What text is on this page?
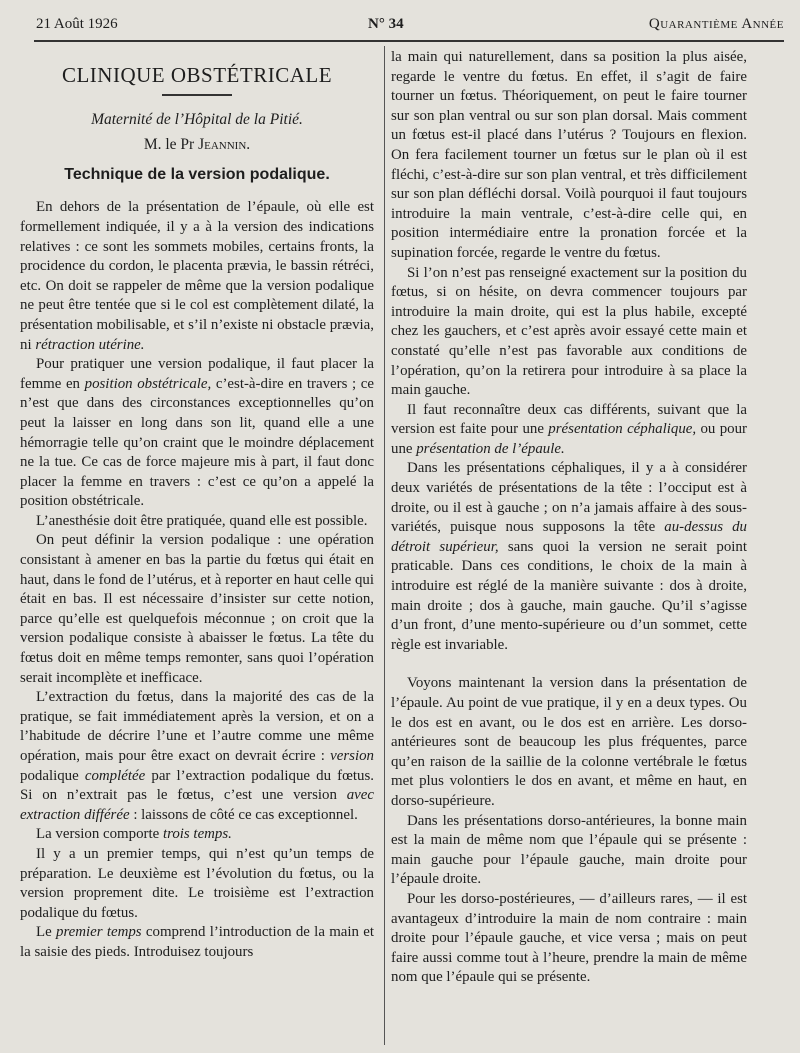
21 Août 1926	N° 34	Quarantième Année
CLINIQUE OBSTÉTRICALE
Maternité de l’Hôpital de la Pitié.
M. le Pr Jeannin.
Technique de la version podalique.

En dehors de la présentation de l’épaule, où elle est formellement indiquée, il y a à la version des indications relatives : ce sont les sommets mobiles, certains fronts, la procidence du cordon, le placenta prævia, le bassin rétréci, etc. On doit se rappeler de même que la version podalique ne peut être tentée que si le col est complètement dilaté, la présentation mobilisable, et s’il n’existe ni obstacle prævia, ni rétraction utérine.

Pour pratiquer une version podalique, il faut placer la femme en position obstétricale, c’est-à-dire en travers ; ce n’est que dans des circonstances exceptionnelles qu’on peut la laisser en long dans son lit, quand elle a une hémorragie telle qu’on craint que le moindre déplacement ne la tue. Ce cas de force majeure mis à part, il faut donc placer la femme en travers : c’est ce qu’on a appelé la position obstétricale.

L’anesthésie doit être pratiquée, quand elle est possible.

On peut définir la version podalique : une opération consistant à amener en bas la partie du fœtus qui était en haut, dans le fond de l’utérus, et à reporter en haut celle qui était en bas. Il est nécessaire d’insister sur cette notion, parce qu’elle est quelquefois méconnue ; on croit que la version podalique consiste à abaisser le fœtus. La tête du fœtus doit en même temps remonter, sans quoi l’opération serait incomplète et inefficace.

L’extraction du fœtus, dans la majorité des cas de la pratique, se fait immédiatement après la version, et on a l’habitude de décrire l’une et l’autre comme une même opération, mais pour être exact on devrait écrire : version podalique complétée par l’extraction podalique du fœtus. Si on n’extrait pas le fœtus, c’est une version avec extraction différée : laissons de côté ce cas exceptionnel.

La version comporte trois temps.

Il y a un premier temps, qui n’est qu’un temps de préparation. Le deuxième est l’évolution du fœtus, ou la version proprement dite. Le troisième est l’extraction podalique du fœtus.

Le premier temps comprend l’introduction de la main et la saisie des pieds. Introduisez toujours

la main qui naturellement, dans sa position la plus aisée, regarde le ventre du fœtus. En effet, il s’agit de faire tourner un fœtus. Théoriquement, on peut le faire tourner sur son plan ventral ou sur son plan dorsal. Mais comment un fœtus est-il placé dans l’utérus ? Toujours en flexion. On fera facilement tourner un fœtus sur le plan où il est fléchi, c’est-à-dire sur son plan ventral, et très difficilement sur son plan défléchi dorsal. Voilà pourquoi il faut toujours introduire la main ventrale, c’est-à-dire celle qui, en position intermédiaire entre la pronation forcée et la supination forcée, regarde le ventre du fœtus.

Si l’on n’est pas renseigné exactement sur la position du fœtus, si on hésite, on devra commencer toujours par introduire la main droite, qui est la plus habile, excepté chez les gauchers, et c’est après avoir essayé cette main et constaté qu’elle n’est pas favorable aux conditions de l’opération, qu’on la retirera pour introduire à sa place la main gauche.

Il faut reconnaître deux cas différents, suivant que la version est faite pour une présentation céphalique, ou pour une présentation de l’épaule.

Dans les présentations céphaliques, il y a à considérer deux variétés de présentations de la tête : l’occiput est à droite, ou il est à gauche ; on n’a jamais affaire à des sous-variétés, puisque nous supposons la tête au-dessus du détroit supérieur, sans quoi la version ne serait point praticable. Dans ces conditions, le choix de la main à introduire est réglé de la manière suivante : dos à droite, main droite ; dos à gauche, main gauche. Qu’il s’agisse d’un front, d’une mento-supérieure ou d’un sommet, cette règle est invariable.

Voyons maintenant la version dans la présentation de l’épaule. Au point de vue pratique, il y en a deux types. Ou le dos est en avant, ou le dos est en arrière. Les dorso-antérieures sont de beaucoup les plus fréquentes, parce qu’en raison de la saillie de la colonne vertébrale le fœtus met plus volontiers le dos en avant, et même en haut, en dorso-supérieure.

Dans les présentations dorso-antérieures, la bonne main est la main de même nom que l’épaule qui se présente : main gauche pour l’épaule gauche, main droite pour l’épaule droite.

Pour les dorso-postérieures, — d’ailleurs rares, — il est avantageux d’introduire la main de nom contraire : main droite pour l’épaule gauche, et vice versa ; mais on peut faire aussi comme tout à l’heure, prendre la main de même nom que l’épaule qui se présente.
